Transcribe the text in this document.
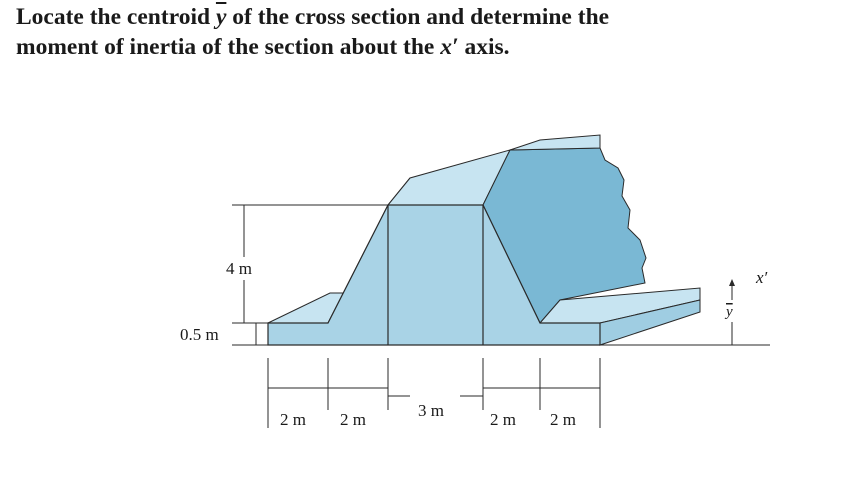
Locate the centroid $\overline{y}$ of the cross section and determine the
moment of inertia of the section about the x′ axis.
4 m
0.5 m
2 m 2 m	3 m	2 m 2 m
y
x′
